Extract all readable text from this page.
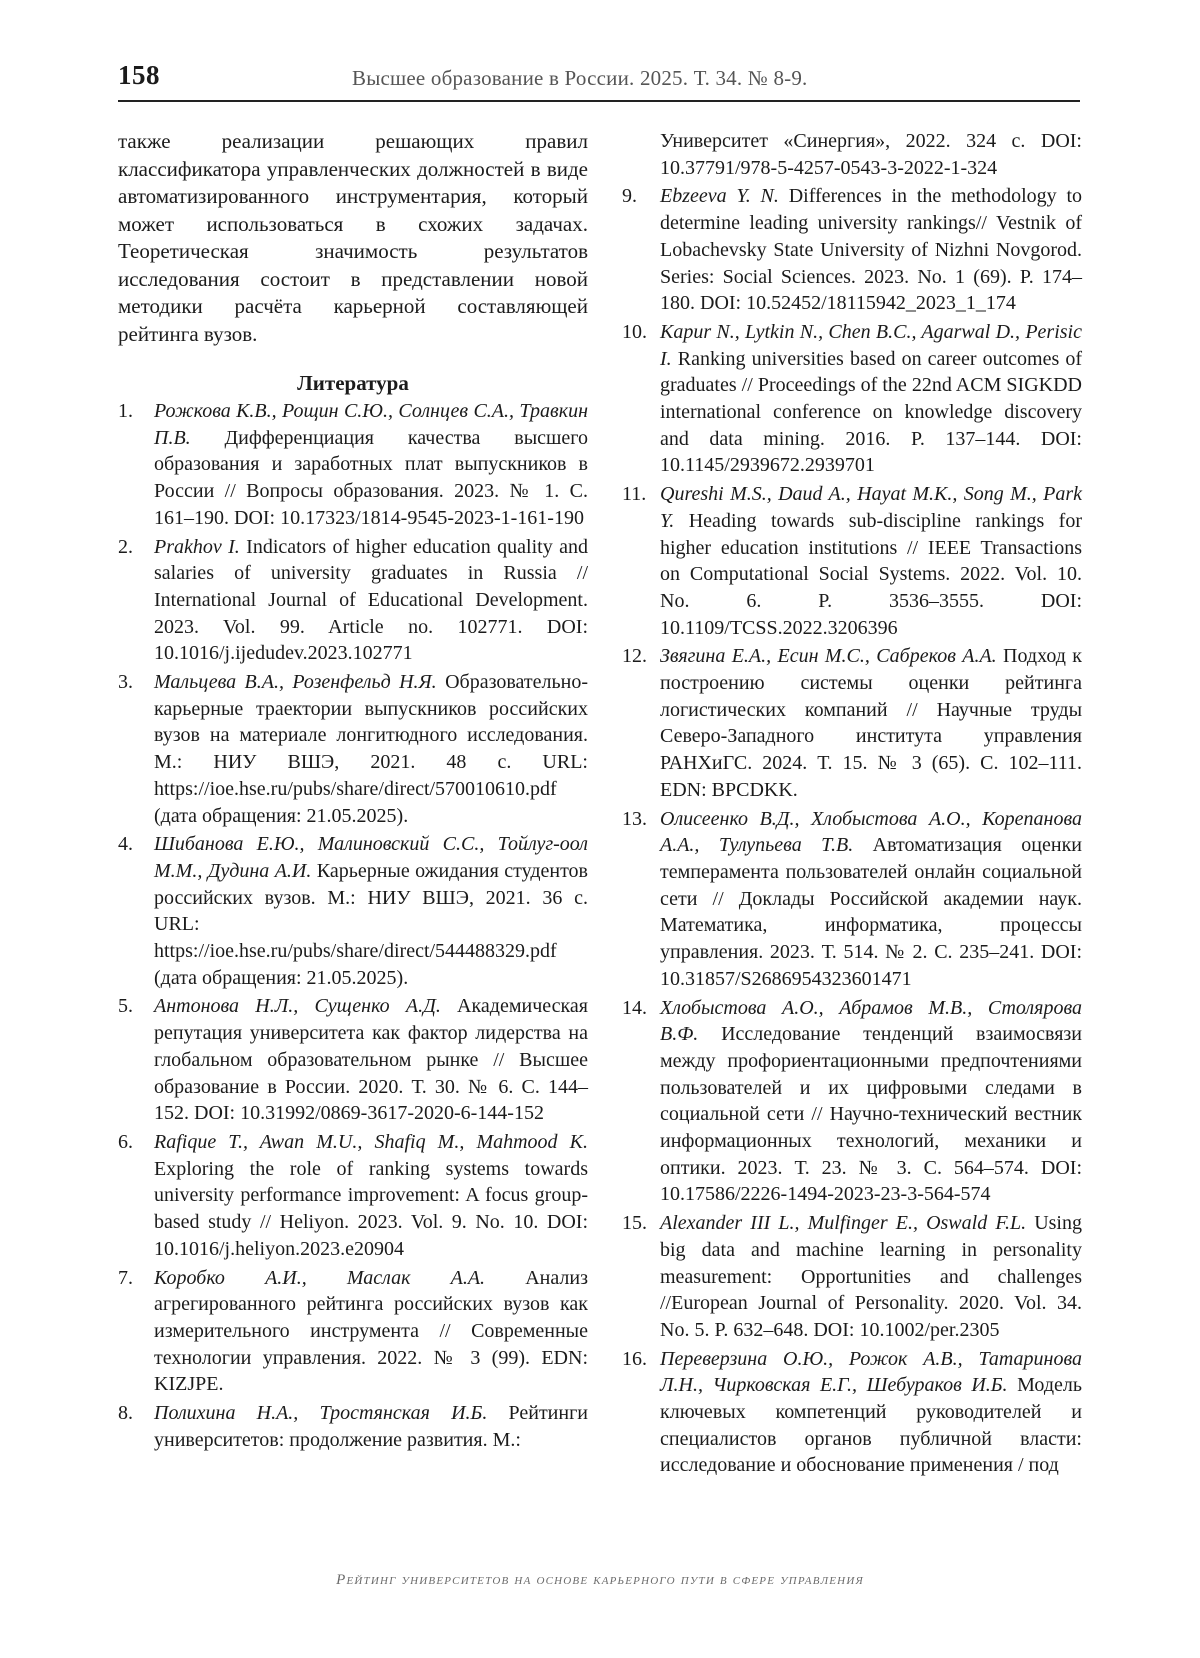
158	Высшее образование в России. 2025. Т. 34. № 8-9.

также реализации решающих правил классификатора управленческих должностей в виде автоматизированного инструментария, который может использоваться в схожих задачах. Теоретическая значимость результатов исследования состоит в представлении новой методики расчёта карьерной составляющей рейтинга вузов.

Литература
1. Рожкова К.В., Рощин С.Ю., Солнцев С.А., Травкин П.В. Дифференциация качества высшего образования и заработных плат выпускников в России // Вопросы образования. 2023. № 1. С. 161–190. DOI: 10.17323/1814-9545-2023-1-161-190
2. Prakhov I. Indicators of higher education quality and salaries of university graduates in Russia // International Journal of Educational Development. 2023. Vol. 99. Article no. 102771. DOI: 10.1016/j.ijedudev.2023.102771
3. Мальцева В.А., Розенфельд Н.Я. Образовательно-карьерные траектории выпускников российских вузов на материале лонгитюдного исследования. М.: НИУ ВШЭ, 2021. 48 с. URL: https://ioe.hse.ru/pubs/share/direct/570010610.pdf (дата обращения: 21.05.2025).
4. Шибанова Е.Ю., Малиновский С.С., Тойлуг-оол М.М., Дудина А.И. Карьерные ожидания студентов российских вузов. М.: НИУ ВШЭ, 2021. 36 с. URL: https://ioe.hse.ru/pubs/share/direct/544488329.pdf (дата обращения: 21.05.2025).
5. Антонова Н.Л., Сущенко А.Д. Академическая репутация университета как фактор лидерства на глобальном образовательном рынке // Высшее образование в России. 2020. Т. 30. № 6. С. 144–152. DOI: 10.31992/0869-3617-2020-6-144-152
6. Rafique T., Awan M.U., Shafiq M., Mahmood K. Exploring the role of ranking systems towards university performance improvement: A focus group-based study // Heliyon. 2023. Vol. 9. No. 10. DOI: 10.1016/j.heliyon.2023.e20904
7. Коробко А.И., Маслак А.А. Анализ агрегированного рейтинга российских вузов как измерительного инструмента // Современные технологии управления. 2022. № 3 (99). EDN: KIZJPE.
8. Полихина Н.А., Тростянская И.Б. Рейтинги университетов: продолжение развития. М.:
Университет «Синергия», 2022. 324 с. DOI: 10.37791/978-5-4257-0543-3-2022-1-324
9. Ebzeeva Y. N. Differences in the methodology to determine leading university rankings// Vestnik of Lobachevsky State University of Nizhni Novgorod. Series: Social Sciences. 2023. No. 1 (69). P. 174–180. DOI: 10.52452/18115942_2023_1_174
10. Kapur N., Lytkin N., Chen B.C., Agarwal D., Perisic I. Ranking universities based on career outcomes of graduates // Proceedings of the 22nd ACM SIGKDD international conference on knowledge discovery and data mining. 2016. P. 137–144. DOI: 10.1145/2939672.2939701
11. Qureshi M.S., Daud A., Hayat M.K., Song M., Park Y. Heading towards sub-discipline rankings for higher education institutions // IEEE Transactions on Computational Social Systems. 2022. Vol. 10. No. 6. P. 3536–3555. DOI: 10.1109/TCSS.2022.3206396
12. Звягина Е.А., Есин М.С., Сабреков А.А. Подход к построению системы оценки рейтинга логистических компаний // Научные труды Северо-Западного института управления РАНХиГС. 2024. Т. 15. № 3 (65). С. 102–111. EDN: BPCDKK.
13. Олисеенко В.Д., Хлобыстова А.О., Корепанова А.А., Тулупьева Т.В. Автоматизация оценки темперамента пользователей онлайн социальной сети // Доклады Российской академии наук. Математика, информатика, процессы управления. 2023. Т. 514. № 2. С. 235–241. DOI: 10.31857/S2686954323601471
14. Хлобыстова А.О., Абрамов М.В., Столярова В.Ф. Исследование тенденций взаимосвязи между профориентационными предпочтениями пользователей и их цифровыми следами в социальной сети // Научно-технический вестник информационных технологий, механики и оптики. 2023. Т. 23. № 3. С. 564–574. DOI: 10.17586/2226-1494-2023-23-3-564-574
15. Alexander III L., Mulfinger E., Oswald F.L. Using big data and machine learning in personality measurement: Opportunities and challenges //European Journal of Personality. 2020. Vol. 34. No. 5. P. 632–648. DOI: 10.1002/per.2305
16. Переверзина О.Ю., Рожок А.В., Татаринова Л.Н., Чирковская Е.Г., Шебураков И.Б. Модель ключевых компетенций руководителей и специалистов органов публичной власти: исследование и обоснование применения / под
Рейтинг университетов на основе карьерного пути в сфере управления
